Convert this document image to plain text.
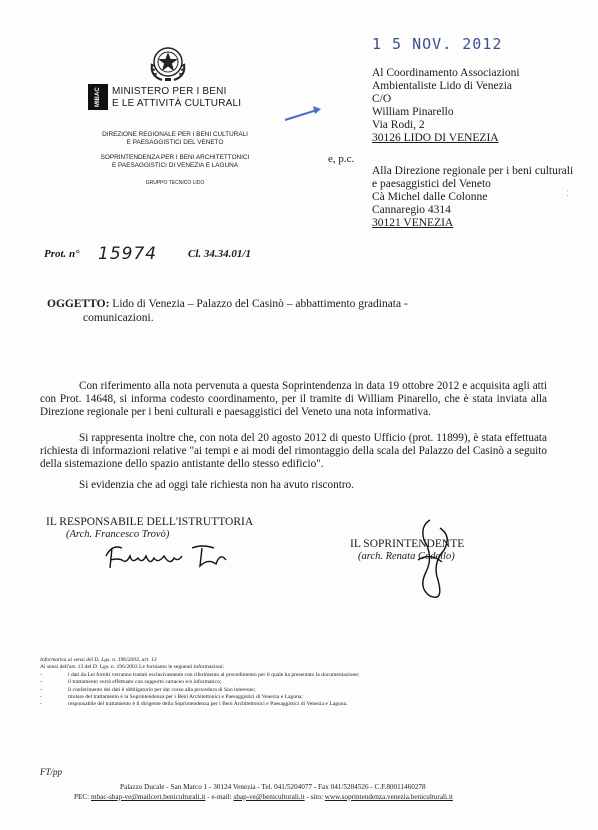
MIBAC	MINISTERO PER I BENI
E LE ATTIVITÀ CULTURALI
DIREZIONE REGIONALE PER I BENI CULTURALI
E PAESAGGISTICI DEL VENETO
SOPRINTENDENZA PER I BENI ARCHITETTONICI
E PAESAGGISTICI DI VENEZIA E LAGUNA
GRUPPO TECNICO LIDO
1 5 NOV. 2012
Al Coordinamento Associazioni
Ambientaliste Lido di Venezia
C/O
William Pinarello
Via Rodi, 2
30126 LIDO DI VENEZIA
e, p.c.
Alla Direzione regionale per i beni culturali
e paesaggistici del Veneto
Cà Michel dalle Colonne
Cannaregio 4314
30121 VENEZIA
ː
Prot. n° 15974	Cl. 34.34.01/1
OGGETTO: Lido di Venezia – Palazzo del Casinò – abbattimento gradinata -
comunicazioni.
Con riferimento alla nota pervenuta a questa Soprintendenza in data 19 ottobre 2012 e acquisita agli atti con Prot. 14648, si informa codesto coordinamento, per il tramite di William Pinarello, che è stata inviata alla Direzione regionale per i beni culturali e paesaggistici del Veneto una nota informativa.
Si rappresenta inoltre che, con nota del 20 agosto 2012 di questo Ufficio (prot. 11899), è stata effettuata richiesta di informazioni relative "ai tempi e ai modi del rimontaggio della scala del Palazzo del Casinò a seguito della sistemazione dello spazio antistante dello stesso edificio".
Si evidenzia che ad oggi tale richiesta non ha avuto riscontro.
IL RESPONSABILE DELL'ISTRUTTORIA
(Arch. Francesco Trovò)
IL SOPRINTENDENTE
(arch. Renata Codello)
Informativa ai sensi del D. Lgs. n. 196/2003, art. 13
Ai sensi dell'art. 13 del D. Lgs. n. 196/2003 Le forniamo le seguenti informazioni:
-	i dati da Lei forniti verranno trattati esclusivamente con riferimento al procedimento per il quale ha presentato la documentazione;
-	il trattamento verrà effettuato con supporto cartaceo e/o informatico;
-	il conferimento dei dati è obbligatorio per dar corso alla procedura di Suo interesse;
-	titolare del trattamento è la Soprintendenza per i Beni Architettonici e Paesaggistici di Venezia e Laguna;
-	responsabile del trattamento è il dirigente della Soprintendenza per i Beni Architettonici e Paesaggistici di Venezia e Laguna.
FT/pp
Palazzo Ducale - San Marco 1 - 30124 Venezia - Tel. 041/5204077 - Fax 041/5204526 - C.F.80011460278
PEC: mbac-sbap-ve@mailcert.beniculturali.it - e-mail: sbap-ve@beniculturali.it - sito: www.soprintendenza.venezia.beniculturali.it
